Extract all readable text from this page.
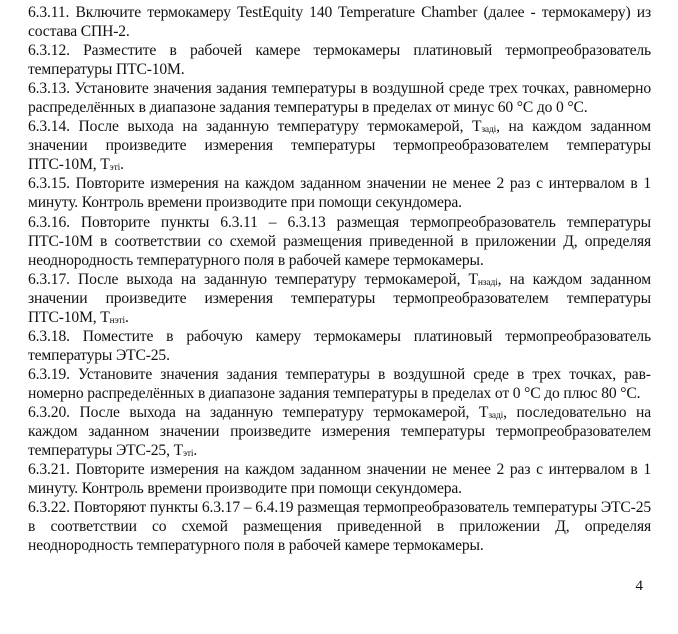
6.3.11. Включите термокамеру TestEquity 140 Temperature Chamber (далее - термокамеру) из состава СПН-2.

6.3.12. Разместите в рабочей камере термокамеры платиновый термопреобразователь температуры ПТС-10М.

6.3.13. Установите значения задания температуры в воздушной среде трех точках, равномерно распределённых в диапазоне задания температуры в пределах от минус 60 °С до 0 °С.

6.3.14. После выхода на заданную температуру термокамерой, $Т_{задi}$, на каждом заданном значении произведите измерения температуры термопреобразователем температуры ПТС-10М, $Т_{эті}$.

6.3.15. Повторите измерения на каждом заданном значении не менее 2 раз с интервалом в 1 минуту. Контроль времени производите при помощи секундомера.

6.3.16. Повторите пункты 6.3.11 – 6.3.13 размещая термопреобразователь температуры ПТС-10М в соответствии со схемой размещения приведенной в приложении Д, определяя неоднородность температурного поля в рабочей камере термокамеры.

6.3.17. После выхода на заданную температуру термокамерой, $Т_{нзадi}$, на каждом заданном значении произведите измерения температуры термопреобразователем температуры ПТС-10М, $Т_{нэті}$.

6.3.18. Поместите в рабочую камеру термокамеры платиновый термопреобразователь температуры ЭТС-25.

6.3.19. Установите значения задания температуры в воздушной среде в трех точках, равномерно распределённых в диапазоне задания температуры в пределах от 0 °С до плюс 80 °С.

6.3.20. После выхода на заданную температуру термокамерой, $Т_{задi}$, последовательно на каждом заданном значении произведите измерения температуры термопреобразователем температуры ЭТС-25, $Т_{эті}$.

6.3.21. Повторите измерения на каждом заданном значении не менее 2 раз с интервалом в 1 минуту. Контроль времени производите при помощи секундомера.

6.3.22. Повторяют пункты 6.3.17 – 6.4.19 размещая термопреобразователь температуры ЭТС-25 в соответствии со схемой размещения приведенной в приложении Д, определяя неоднородность температурного поля в рабочей камере термокамеры.

4
